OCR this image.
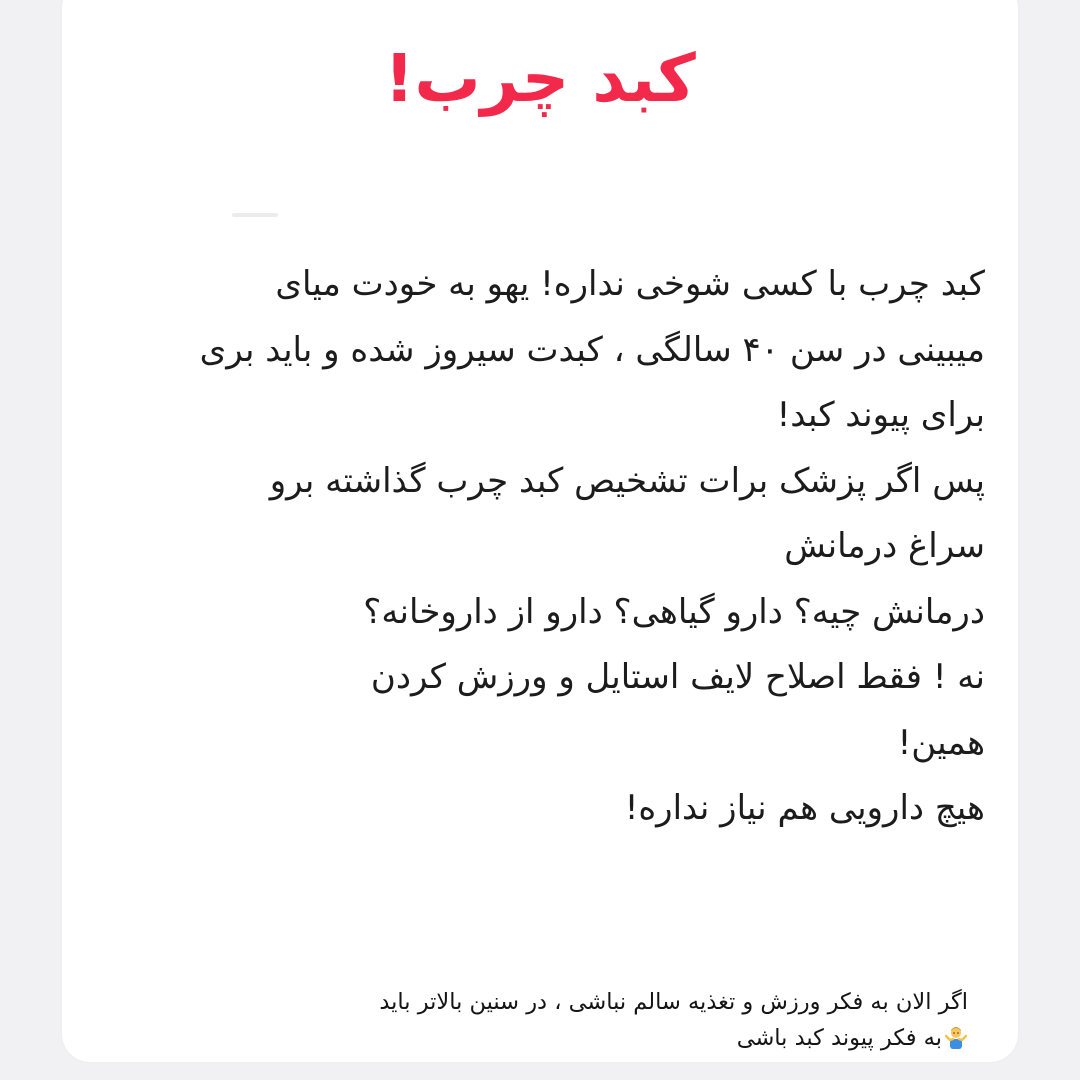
کبد چرب!
کبد چرب با کسی شوخی نداره! یهو به خودت میای
میبینی در سن ۴۰ سالگی ، کبدت سیروز شده و باید بری
برای پیوند کبد!
پس اگر پزشک برات تشخیص کبد چرب گذاشته برو
سراغ درمانش
درمانش چیه؟ دارو گیاهی؟ دارو از داروخانه؟
نه ! فقط اصلاح لایف استایل و ورزش کردن
همین!
هیچ دارویی هم نیاز نداره!
اگر الان به فکر ورزش و تغذیه سالم نباشی ، در سنین بالاتر باید
به فکر پیوند کبد باشی
